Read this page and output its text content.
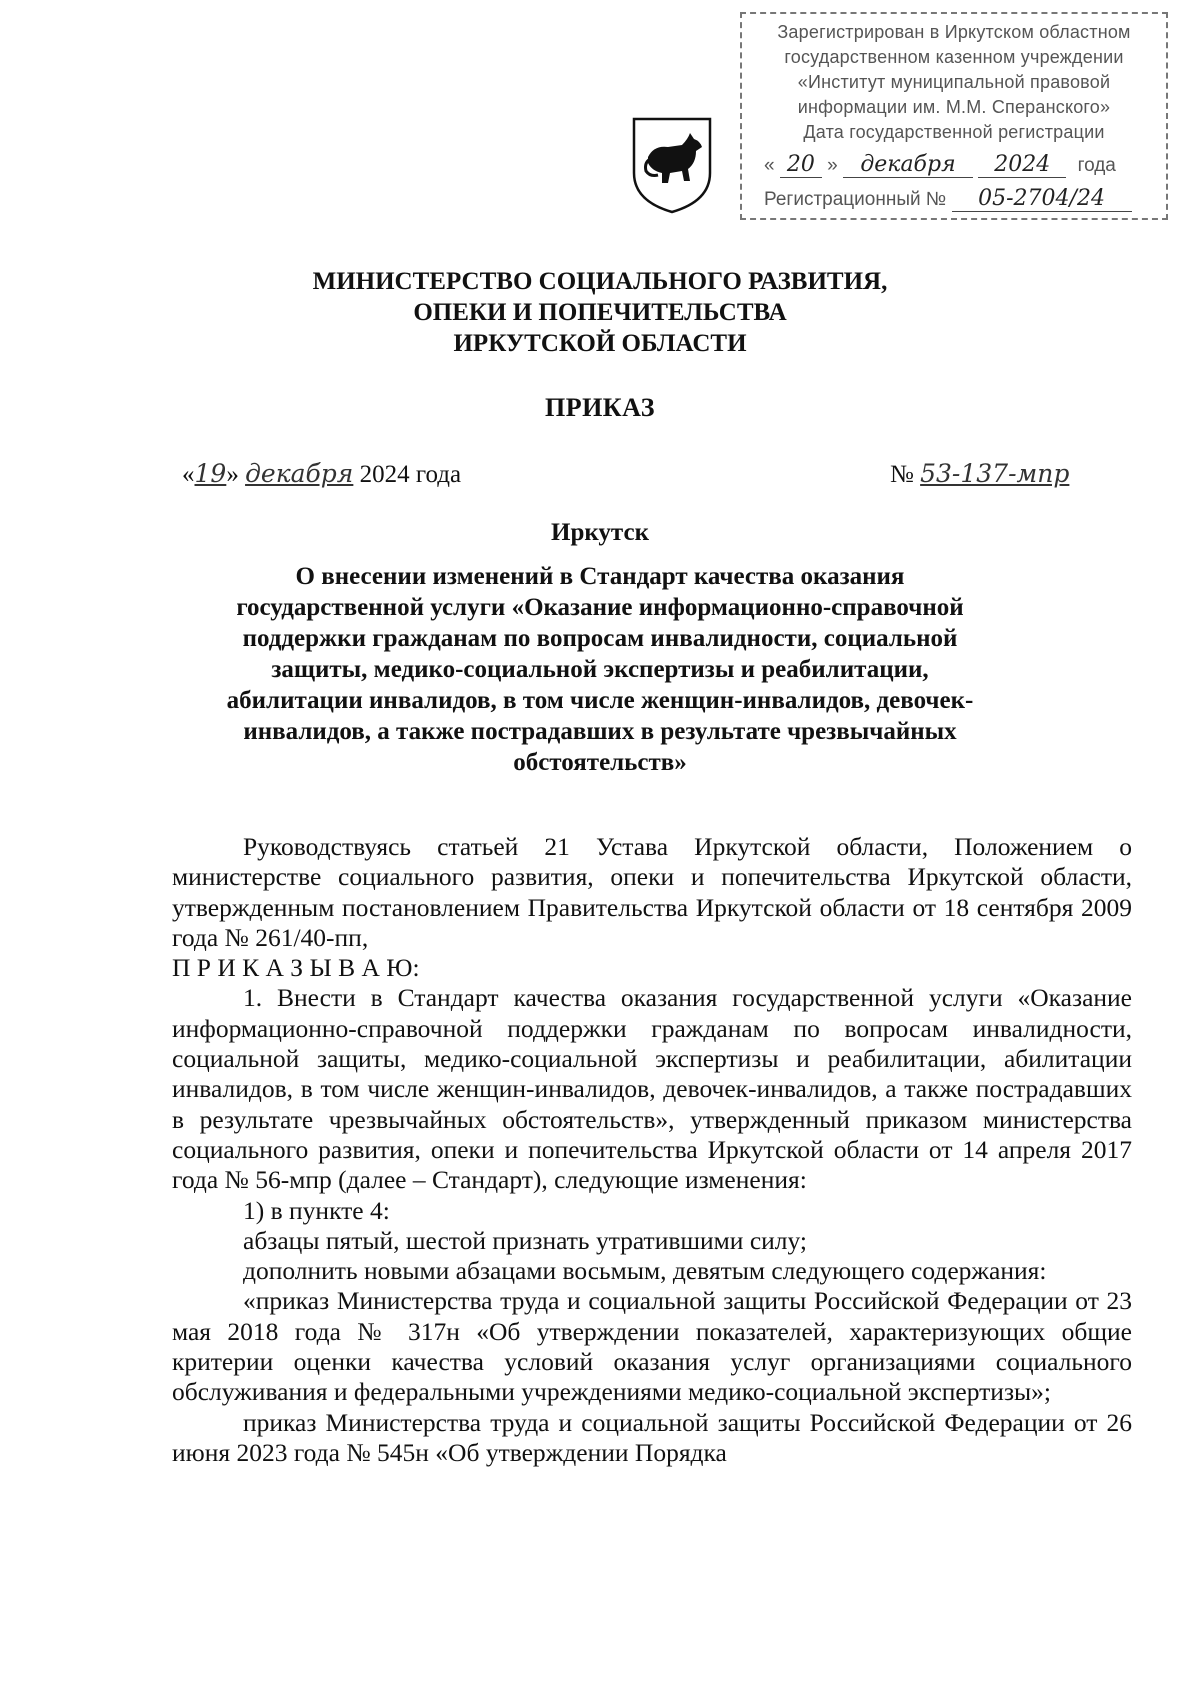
Зарегистрирован в Иркутском областном
государственном казенном учреждении
«Институт муниципальной правовой
информации им. М.М. Сперанского»
Дата государственной регистрации
« 20 » декабря 2024 года
Регистрационный № 05-2704/24
МИНИСТЕРСТВО СОЦИАЛЬНОГО РАЗВИТИЯ,
ОПЕКИ И ПОПЕЧИТЕЛЬСТВА
ИРКУТСКОЙ ОБЛАСТИ
ПРИКАЗ
«19» декабря 2024 года	№ 53-137-мпр
Иркутск
О внесении изменений в Стандарт качества оказания
государственной услуги «Оказание информационно-справочной
поддержки гражданам по вопросам инвалидности, социальной
защиты, медико-социальной экспертизы и реабилитации,
абилитации инвалидов, в том числе женщин-инвалидов, девочек-
инвалидов, а также пострадавших в результате чрезвычайных
обстоятельств»

Руководствуясь статьей 21 Устава Иркутской области, Положением о министерстве социального развития, опеки и попечительства Иркутской области, утвержденным постановлением Правительства Иркутской области от 18 сентября 2009 года № 261/40-пп,

П Р И К А З Ы В А Ю:

1. Внести в Стандарт качества оказания государственной услуги «Оказание информационно-справочной поддержки гражданам по вопросам инвалидности, социальной защиты, медико-социальной экспертизы и реабилитации, абилитации инвалидов, в том числе женщин-инвалидов, девочек-инвалидов, а также пострадавших в результате чрезвычайных обстоятельств», утвержденный приказом министерства социального развития, опеки и попечительства Иркутской области от 14 апреля 2017 года № 56-мпр (далее – Стандарт), следующие изменения:

1) в пункте 4:

абзацы пятый, шестой признать утратившими силу;

дополнить новыми абзацами восьмым, девятым следующего содержания:

«приказ Министерства труда и социальной защиты Российской Федерации от 23 мая 2018 года № 317н «Об утверждении показателей, характеризующих общие критерии оценки качества условий оказания услуг организациями социального обслуживания и федеральными учреждениями медико-социальной экспертизы»;

приказ Министерства труда и социальной защиты Российской Федерации от 26 июня 2023 года № 545н «Об утверждении Порядка
